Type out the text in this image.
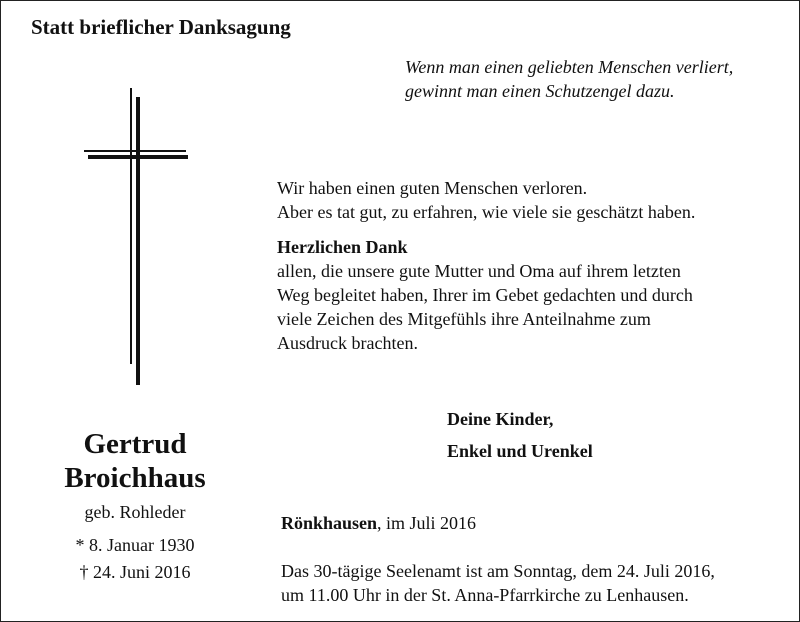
Statt brieflicher Danksagung
Wenn man einen geliebten Menschen verliert,
gewinnt man einen Schutzengel dazu.
Wir haben einen guten Menschen verloren.
Aber es tat gut, zu erfahren, wie viele sie geschätzt haben.
Herzlichen Dank
allen, die unsere gute Mutter und Oma auf ihrem letzten
Weg begleitet haben, Ihrer im Gebet gedachten und durch
viele Zeichen des Mitgefühls ihre Anteilnahme zum
Ausdruck brachten.
Deine Kinder,
Enkel und Urenkel
Gertrud
Broichhaus
geb. Rohleder
* 8. Januar 1930
† 24. Juni 2016
Rönkhausen, im Juli 2016
Das 30-tägige Seelenamt ist am Sonntag, dem 24. Juli 2016,
um 11.00 Uhr in der St. Anna-Pfarrkirche zu Lenhausen.
